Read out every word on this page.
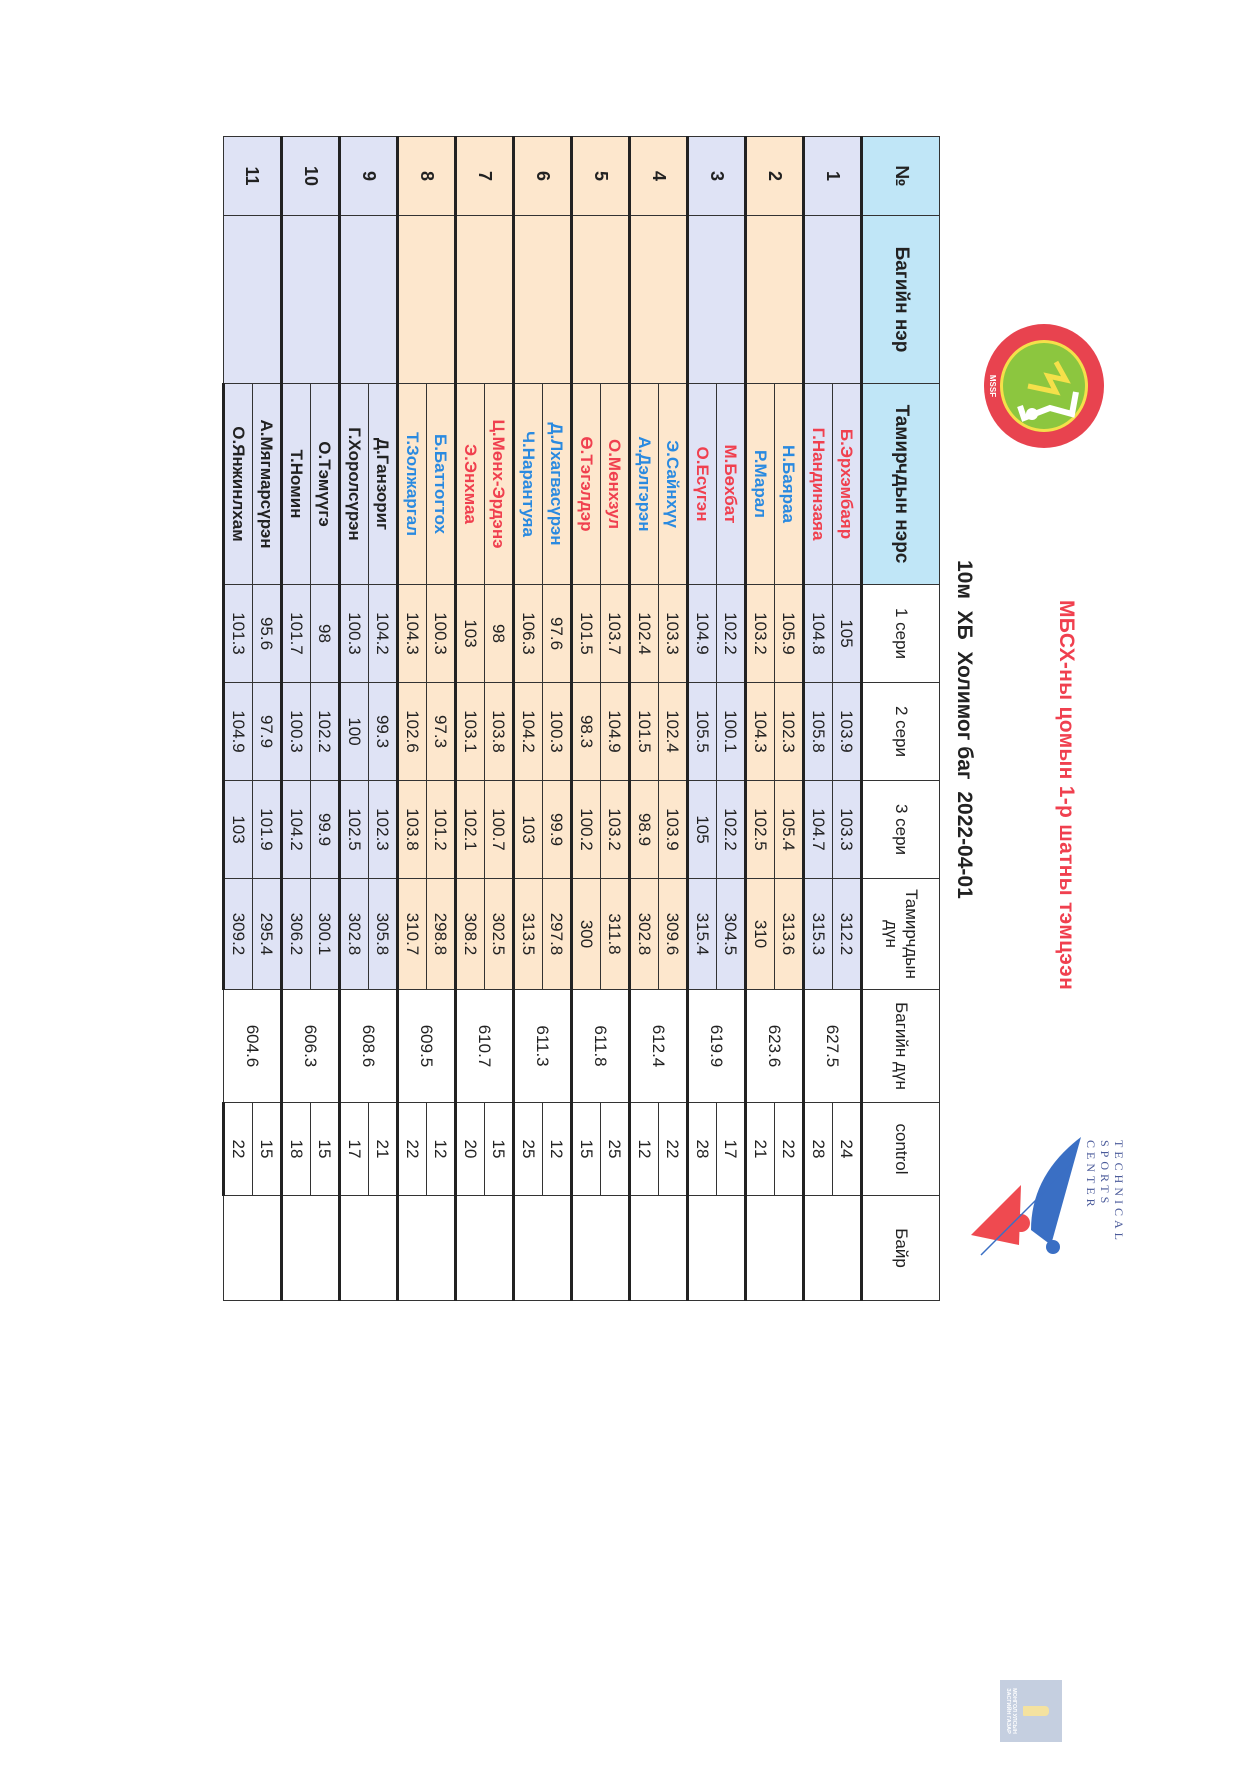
МБСХ-ны цомын 1-р шатны тэмцээн
10м  ХБ  Холимог баг  2022-04-01
MSSF
TECHNICAL
SPORTS
CENTER
МОНГОЛ УЛСЫН
ЗАСГИЙН ГАЗАР
№	Багийн нэр	Тамирчдын нэрс	1 сери	2 сери	3 сери	Тамирчдын дүн	Багийн дүн	control	Байр
1		Б.Эрхэмбаяр	105	103.9	103.3	312.2	627.5	24	
		Г.Нандинзаяа	104.8	105.8	104.7	315.3		28	
2		Н.Баяраа	105.9	102.3	105.4	313.6	623.6	22	
		Р.Марал	103.2	104.3	102.5	310		21	
3		М.Бөхбат	102.2	100.1	102.2	304.5	619.9	17	
		О.Есүгэн	104.9	105.5	105	315.4		28	
4		Э.Сайнхүү	103.3	102.4	103.9	309.6	612.4	22	
		А.Дэлгэрэн	102.4	101.5	98.9	302.8		12	
5		О.Мөнхзул	103.7	104.9	103.2	311.8	611.8	25	
		Ө.Тэгэлдэр	101.5	98.3	100.2	300		15	
6		Д.Лхагвасүрэн	97.6	100.3	99.9	297.8	611.3	12	
		Ч.Нарантуяа	106.3	104.2	103	313.5		25	
7		Ц.Мөнх-Эрдэнэ	98	103.8	100.7	302.5	610.7	15	
		Э.Энхмаа	103	103.1	102.1	308.2		20	
8		Б.Баттогтох	100.3	97.3	101.2	298.8	609.5	12	
		Т.Золжаргал	104.3	102.6	103.8	310.7		22	
9		Д.Ганзориг	104.2	99.3	102.3	305.8	608.6	21	
		Г.Хоролсүрэн	100.3	100	102.5	302.8		17	
10		О.Тэмүүгэ	98	102.2	99.9	300.1	606.3	15	
		Т.Номин	101.7	100.3	104.2	306.2		18	
11		А.Мягмарсүрэн	95.6	97.9	101.9	295.4	604.6	15	
		О.Янжинлхам	101.3	104.9	103	309.2		22	
